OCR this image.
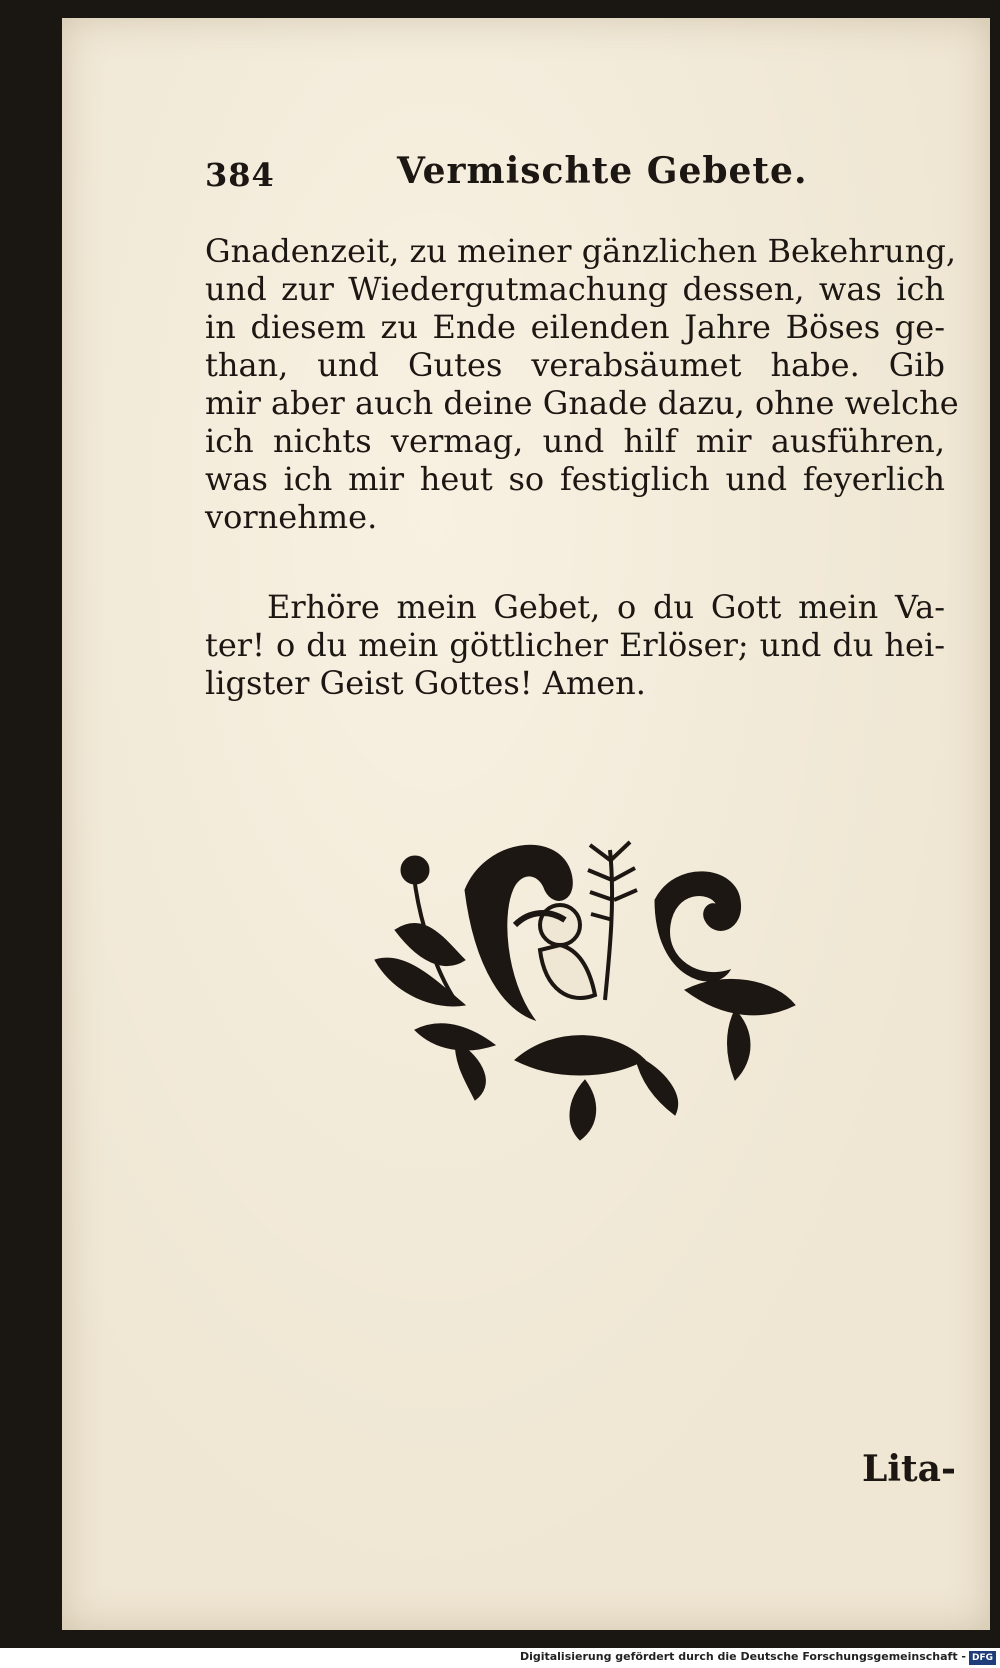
384	Vermischte Gebete.
Gnadenzeit, zu meiner gänzlichen Bekehrung,
und zur Wiedergutmachung dessen, was ich
in diesem zu Ende eilenden Jahre Böses ge-
than, und Gutes verabsäumet habe. Gib
mir aber auch deine Gnade dazu, ohne welche
ich nichts vermag, und hilf mir ausführen,
was ich mir heut so festiglich und feyerlich
vornehme.
Erhöre mein Gebet, o du Gott mein Va-
ter! o du mein göttlicher Erlöser; und du hei-
ligster Geist Gottes! Amen.
Lita-
Digitalisierung gefördert durch die Deutsche Forschungsgemeinschaft - DFG
